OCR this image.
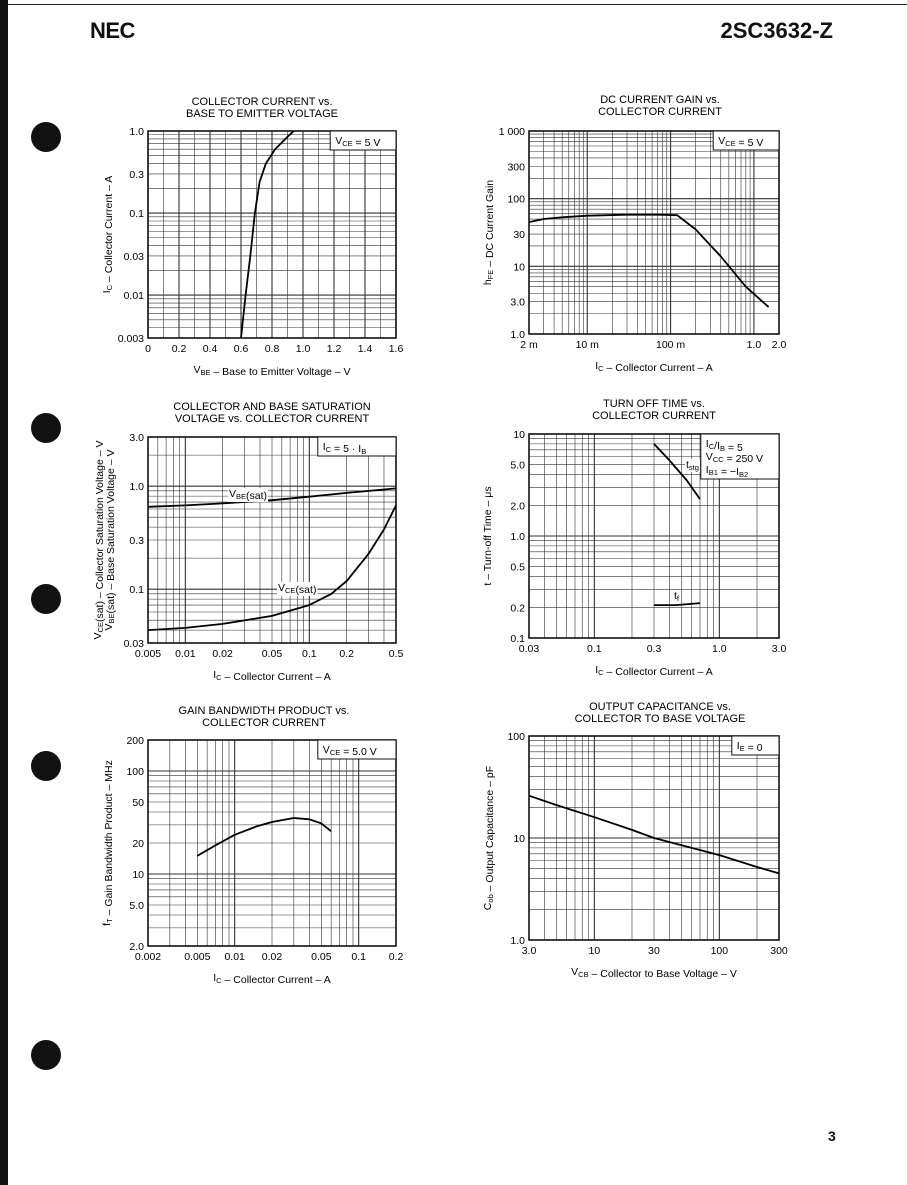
NEC	2SC3632-Z
3
COLLECTOR CURRENT vs.
BASE TO EMITTER VOLTAGE
0 0.2 0.4 0.6 0.8 1.0 1.2 1.4 1.6
0.003
0.01
0.03
0.1
0.3
1.0
VBE – Base to Emitter Voltage – V
IC – Collector Current – A
VCE = 5 V
DC CURRENT GAIN vs.
COLLECTOR CURRENT
2 m	10 m	100 m	1.0 2.0
1.0
3.0
10
30
100
300
1 000
IC – Collector Current – A
hFE – DC Current Gain
VCE = 5 V
COLLECTOR AND BASE SATURATION
VOLTAGE vs. COLLECTOR CURRENT
0.005 0.01 0.02	0.05 0.1 0.2	0.5
0.03
0.1
0.3
1.0
3.0
IC – Collector Current – A
VCE(sat) – Collector Saturation Voltage – V
VBE(sat) – Base Saturation Voltage – V
IC = 5 · IB
VBE(sat)
VCE(sat)
TURN OFF TIME vs.
COLLECTOR CURRENT
0.03	0.1	0.3	1.0	3.0
0.1
0.2
0.5
1.0
2.0
5.0
10
IC – Collector Current – A
t – Turn-off Time – μs
IC/IB = 5
VCC = 250 V
IB1 = −IB2
tstg
tf
GAIN BANDWIDTH PRODUCT vs.
COLLECTOR CURRENT
0.002 0.005 0.01 0.02	0.05 0.1 0.2
2.0
5.0
10
20
50
100
200
IC – Collector Current – A
fT – Gain Bandwidth Product – MHz
VCE = 5.0 V
OUTPUT CAPACITANCE vs.
COLLECTOR TO BASE VOLTAGE
3.0	10	30	100	300
1.0
10
100
VCB – Collector to Base Voltage – V
Cob – Output Capacitance – pF
IE = 0
